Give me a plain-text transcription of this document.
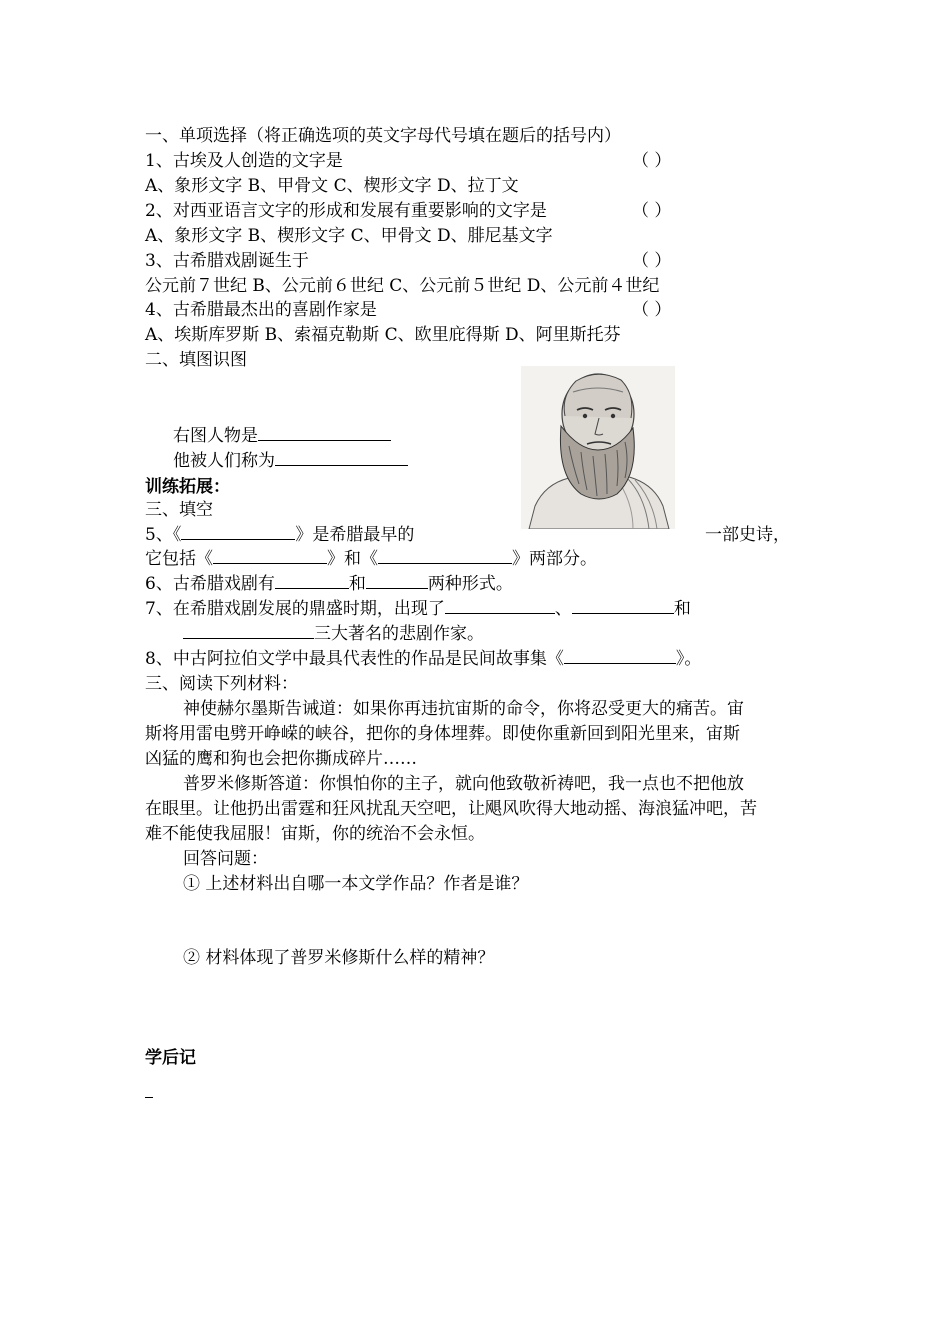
一、单项选择（将正确选项的英文字母代号填在题后的括号内）
1、古埃及人创造的文字是	（ ）
A、象形文字 B、甲骨文 C、楔形文字 D、拉丁文
2、对西亚语言文字的形成和发展有重要影响的文字是	（ ）
A、象形文字 B、楔形文字 C、甲骨文 D、腓尼基文字
3、古希腊戏剧诞生于	（ ）
公元前７世纪 B、公元前６世纪 C、公元前５世纪 D、公元前４世纪
4、古希腊最杰出的喜剧作家是	（ ）
A、埃斯库罗斯 B、索福克勒斯 C、欧里庇得斯 D、阿里斯托芬
二、填图识图
右图人物是
他被人们称为
训练拓展：
三、填空
5、《	》是希腊最早的	一部史诗，
它包括《	》和《	》两部分。
6、古希腊戏剧有	和	两种形式。
7、在希腊戏剧发展的鼎盛时期，出现了	、	和
三大著名的悲剧作家。
8、中古阿拉伯文学中最具代表性的作品是民间故事集《	》。
三、阅读下列材料：
神使赫尔墨斯告诫道：如果你再违抗宙斯的命令，你将忍受更大的痛苦。宙
斯将用雷电劈开峥嵘的峡谷，把你的身体埋葬。即使你重新回到阳光里来，宙斯
凶猛的鹰和狗也会把你撕成碎片……
普罗米修斯答道：你惧怕你的主子，就向他致敬祈祷吧，我一点也不把他放
在眼里。让他扔出雷霆和狂风扰乱天空吧，让飓风吹得大地动摇、海浪猛冲吧，苦
难不能使我屈服！宙斯，你的统治不会永恒。
回答问题：
① 上述材料出自哪一本文学作品？作者是谁？
② 材料体现了普罗米修斯什么样的精神？
学后记
